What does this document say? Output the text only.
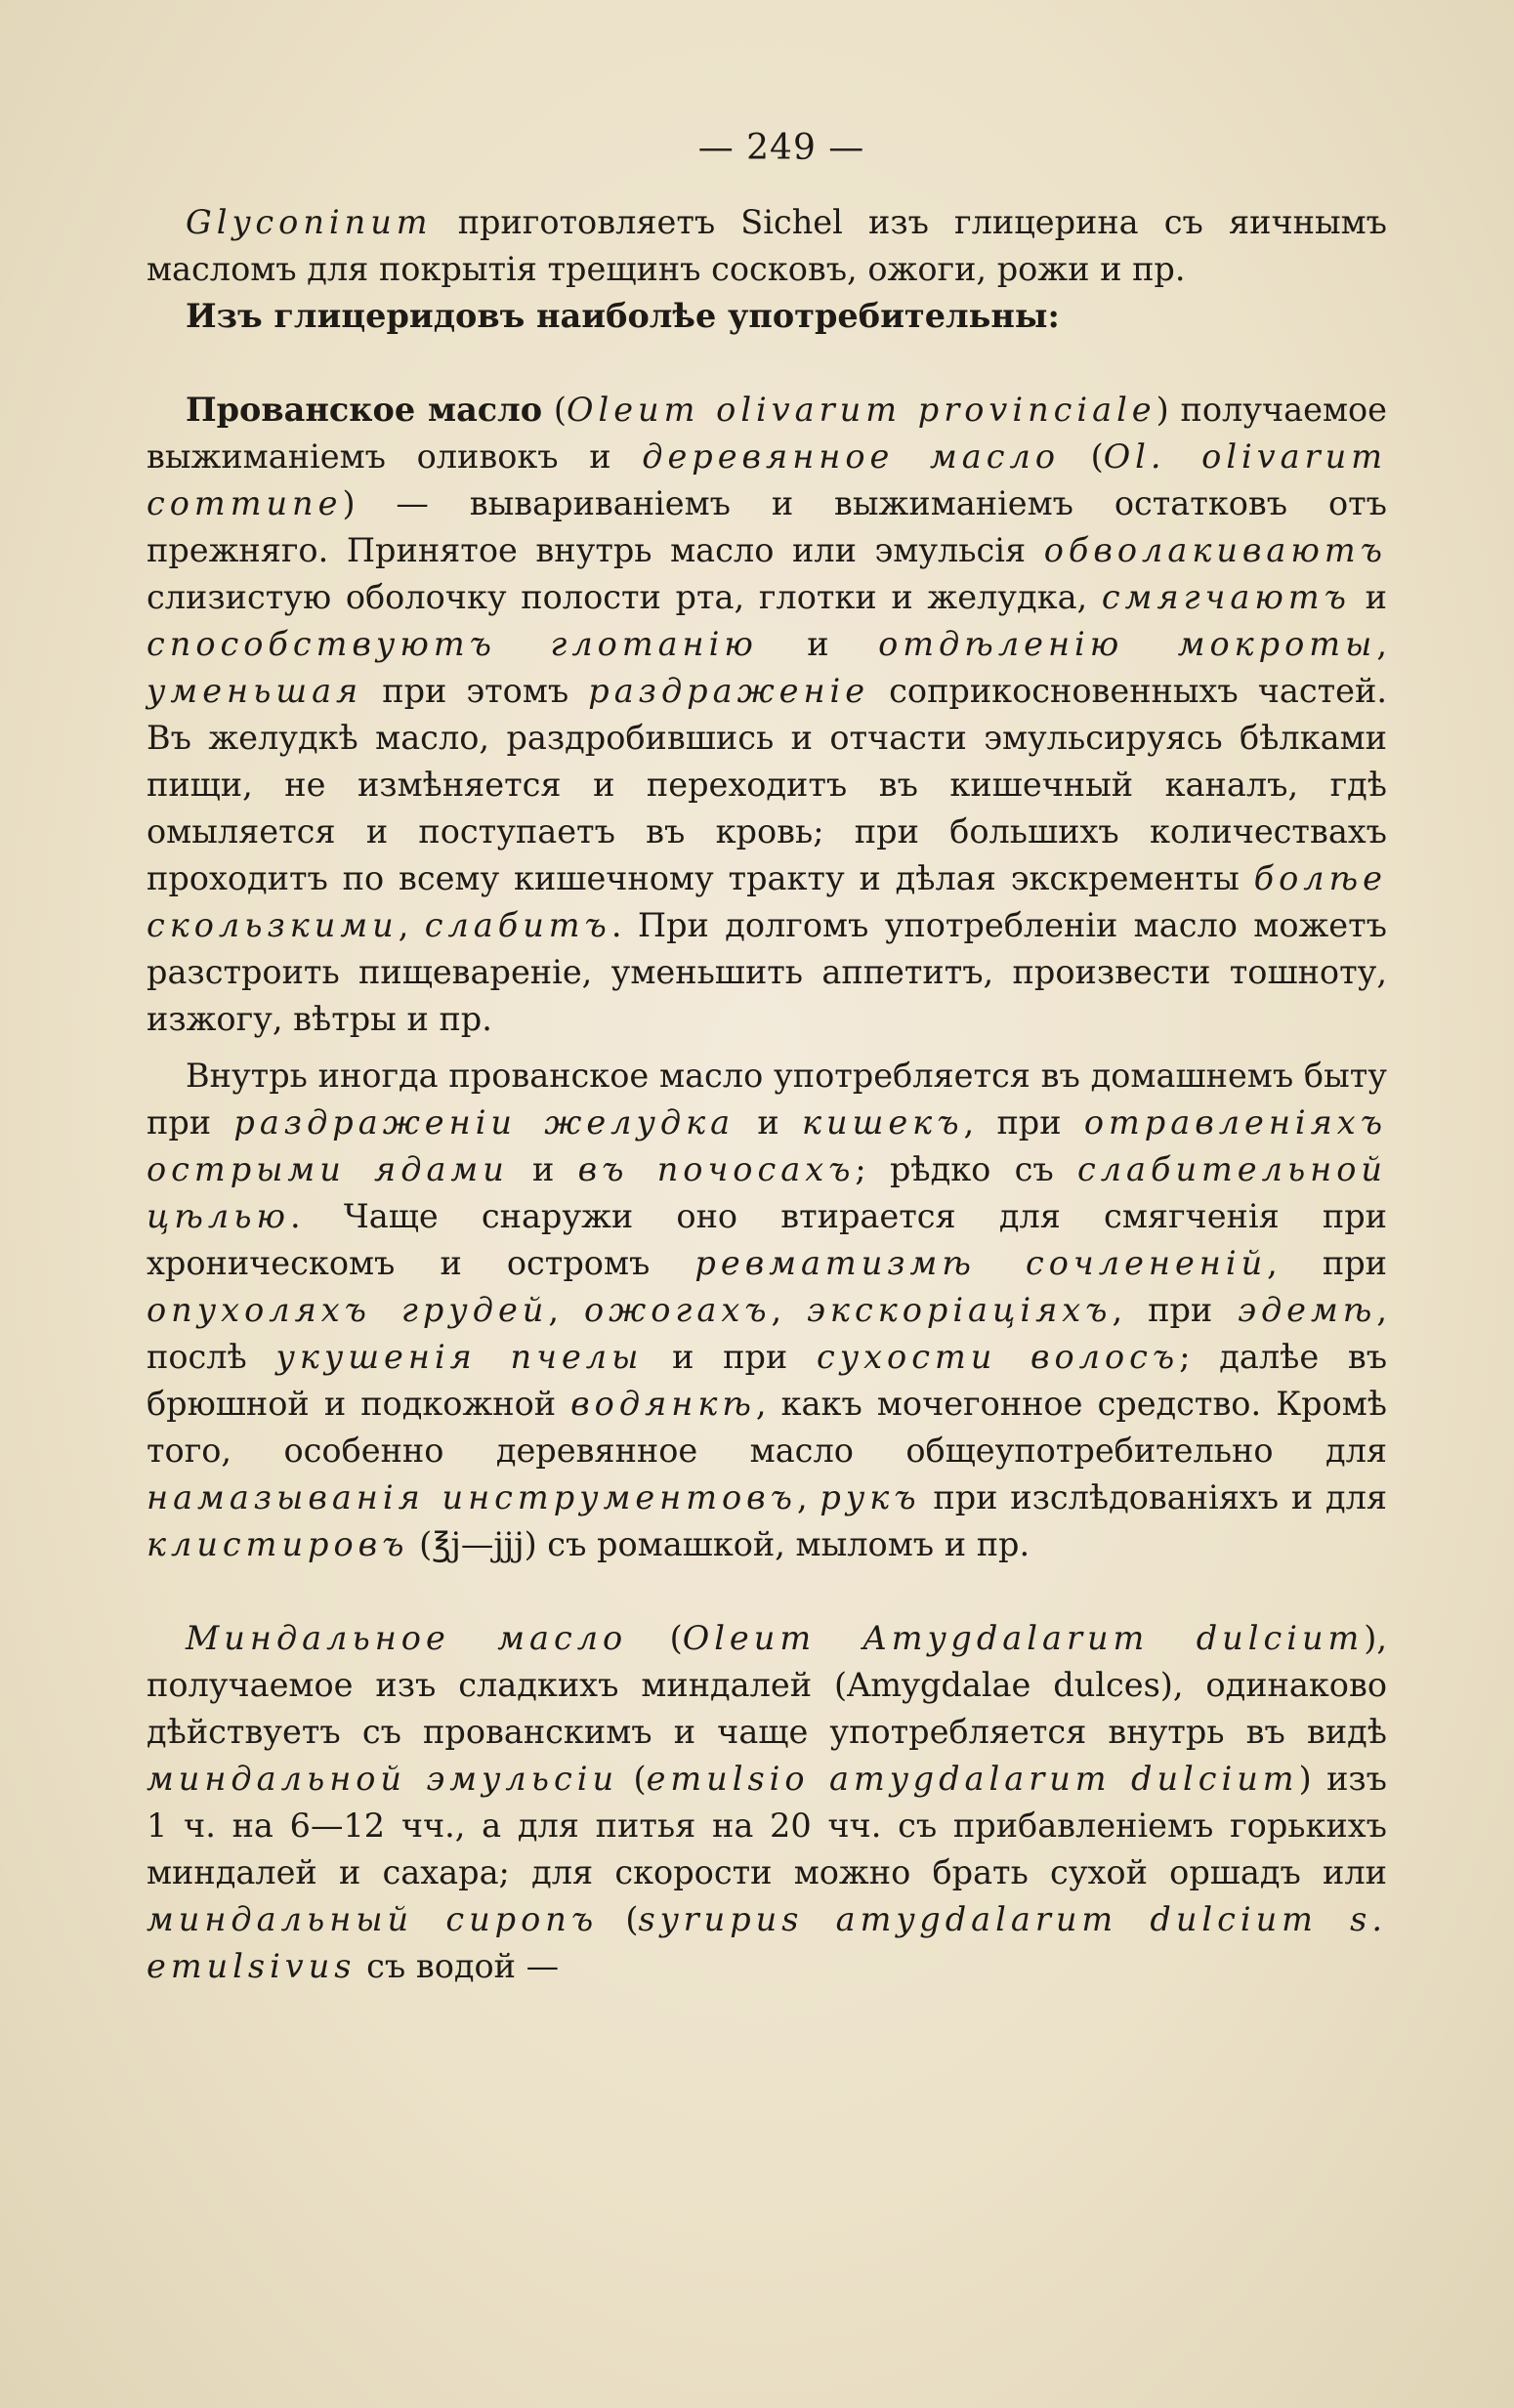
— 249 —

Glyconinum приготовляетъ Sichel изъ глицерина съ яичнымъ масломъ для покрытія трещинъ сосковъ, ожоги, рожи и пр.

Изъ глицеридовъ наиболѣе употребительны:

Прованское масло (Oleum olivarum provinciale) получаемое выжиманіемъ оливокъ и деревянное масло (Ol. olivarum commune) — вывариваніемъ и выжиманіемъ остатковъ отъ прежняго. Принятое внутрь масло или эмульсія обволакиваютъ слизистую оболочку полости рта, глотки и желудка, смягчаютъ и способствуютъ глотанію и отдѣленію мокроты, уменьшая при этомъ раздраженіе соприкосновенныхъ частей. Въ желудкѣ масло, раздробившись и отчасти эмульсируясь бѣлками пищи, не измѣняется и переходитъ въ кишечный каналъ, гдѣ омыляется и поступаетъ въ кровь; при большихъ количествахъ проходитъ по всему кишечному тракту и дѣлая экскременты болѣе скользкими, слабитъ. При долгомъ употребленіи масло можетъ разстроить пищевареніе, уменьшить аппетитъ, произвести тошноту, изжогу, вѣтры и пр.

Внутрь иногда прованское масло употребляется въ домашнемъ быту при раздраженіи желудка и кишекъ, при отравленіяхъ острыми ядами и въ почосахъ; рѣдко съ слабительной цѣлью. Чаще снаружи оно втирается для смягченія при хроническомъ и остромъ ревматизмѣ сочлененій, при опухоляхъ грудей, ожогахъ, экскоріаціяхъ, при эдемѣ, послѣ укушенія пчелы и при сухости волосъ; далѣе въ брюшной и подкожной водянкѣ, какъ мочегонное средство. Кромѣ того, особенно деревянное масло общеупотребительно для намазыванія инструментовъ, рукъ при изслѣдованіяхъ и для клистировъ (℥j—jjj) съ ромашкой, мыломъ и пр.

Миндальное масло (Oleum Amygdalarum dulcium), получаемое изъ сладкихъ миндалей (Amygdalae dulces), одинаково дѣйствуетъ съ прованскимъ и чаще употребляется внутрь въ видѣ миндальной эмульсіи (emulsio amygdalarum dulcium) изъ 1 ч. на 6—12 чч., а для питья на 20 чч. съ прибавленіемъ горькихъ миндалей и сахара; для скорости можно брать сухой оршадъ или миндальный сиропъ (syrupus amygdalarum dulcium s. emulsivus съ водой —
